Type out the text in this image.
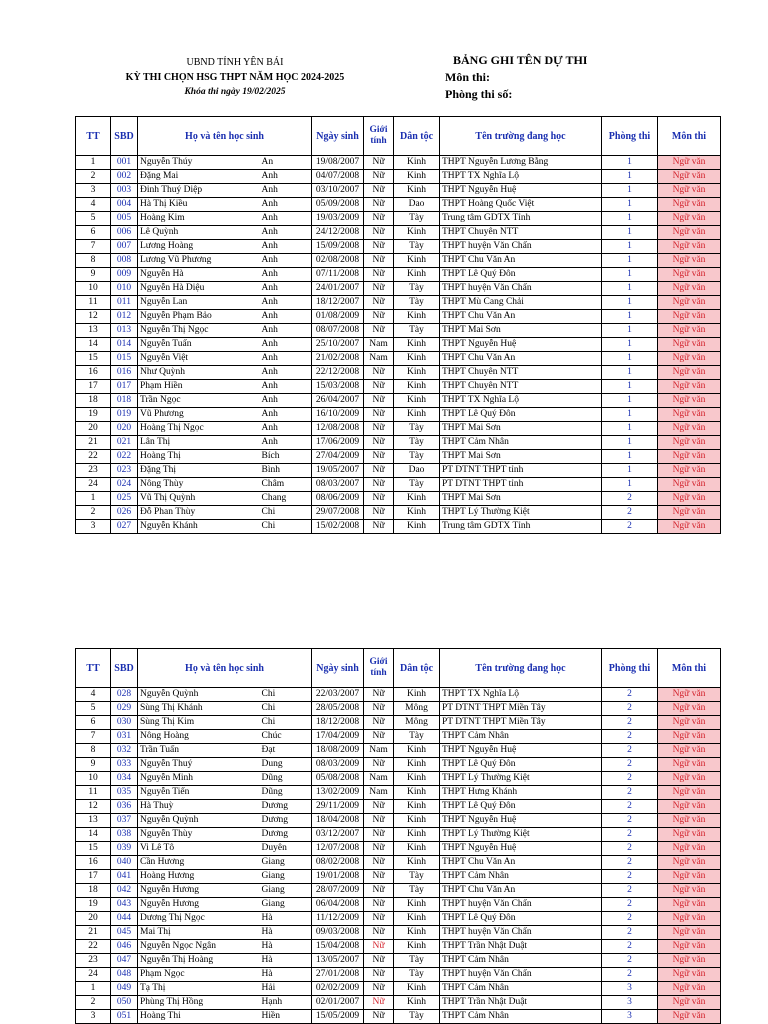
UBND TỈNH YÊN BÁI
KỲ THI CHỌN HSG THPT NĂM HỌC 2024-2025
Khóa thi ngày 19/02/2025
BẢNG GHI TÊN DỰ THI
Môn thi:
Phòng thi số:
TT	SBD	Họ và tên học sinh		Ngày sinh	Giới tính	Dân tộc	Tên trường đang học	Phòng thi	Môn thi
1	001	Nguyễn Thúy	An	19/08/2007	Nữ	Kinh	THPT Nguyễn Lương Bằng	1	Ngữ văn
2	002	Đặng Mai	Anh	04/07/2008	Nữ	Kinh	THPT TX Nghĩa Lộ	1	Ngữ văn
3	003	Đinh Thuý Diệp	Anh	03/10/2007	Nữ	Kinh	THPT Nguyễn Huệ	1	Ngữ văn
4	004	Hà Thị Kiều	Anh	05/09/2008	Nữ	Dao	THPT Hoàng Quốc Việt	1	Ngữ văn
5	005	Hoàng Kim	Anh	19/03/2009	Nữ	Tày	Trung tâm GDTX Tỉnh	1	Ngữ văn
6	006	Lê Quỳnh	Anh	24/12/2008	Nữ	Kinh	THPT Chuyên NTT	1	Ngữ văn
7	007	Lương Hoàng	Anh	15/09/2008	Nữ	Tày	THPT huyện Văn Chấn	1	Ngữ văn
8	008	Lương Vũ Phương	Anh	02/08/2008	Nữ	Kinh	THPT Chu Văn An	1	Ngữ văn
9	009	Nguyễn Hà	Anh	07/11/2008	Nữ	Kinh	THPT Lê Quý Đôn	1	Ngữ văn
10	010	Nguyễn Hà Diệu	Anh	24/01/2007	Nữ	Tày	THPT huyện Văn Chấn	1	Ngữ văn
11	011	Nguyễn Lan	Anh	18/12/2007	Nữ	Tày	THPT Mù Cang Chải	1	Ngữ văn
12	012	Nguyễn Phạm Bảo	Anh	01/08/2009	Nữ	Kinh	THPT Chu Văn An	1	Ngữ văn
13	013	Nguyễn Thị Ngọc	Anh	08/07/2008	Nữ	Tày	THPT Mai Sơn	1	Ngữ văn
14	014	Nguyễn Tuấn	Anh	25/10/2007	Nam	Kinh	THPT Nguyễn Huệ	1	Ngữ văn
15	015	Nguyễn Việt	Anh	21/02/2008	Nam	Kinh	THPT Chu Văn An	1	Ngữ văn
16	016	Như Quỳnh	Anh	22/12/2008	Nữ	Kinh	THPT Chuyên NTT	1	Ngữ văn
17	017	Phạm Hiền	Anh	15/03/2008	Nữ	Kinh	THPT Chuyên NTT	1	Ngữ văn
18	018	Trần Ngọc	Anh	26/04/2007	Nữ	Kinh	THPT TX Nghĩa Lộ	1	Ngữ văn
19	019	Vũ Phương	Anh	16/10/2009	Nữ	Kinh	THPT Lê Quý Đôn	1	Ngữ văn
20	020	Hoàng Thị Ngọc	Anh	12/08/2008	Nữ	Tày	THPT Mai Sơn	1	Ngữ văn
21	021	Lân Thị	Anh	17/06/2009	Nữ	Tày	THPT Cảm Nhân	1	Ngữ văn
22	022	Hoàng Thị	Bích	27/04/2009	Nữ	Tày	THPT Mai Sơn	1	Ngữ văn
23	023	Đặng Thị	Bình	19/05/2007	Nữ	Dao	PT DTNT THPT tỉnh	1	Ngữ văn
24	024	Nông Thùy	Châm	08/03/2007	Nữ	Tày	PT DTNT THPT tỉnh	1	Ngữ văn
1	025	Vũ Thị Quỳnh	Chang	08/06/2009	Nữ	Kinh	THPT Mai Sơn	2	Ngữ văn
2	026	Đỗ Phan Thùy	Chi	29/07/2008	Nữ	Kinh	THPT Lý Thường Kiệt	2	Ngữ văn
3	027	Nguyễn Khánh	Chi	15/02/2008	Nữ	Kinh	Trung tâm GDTX Tỉnh	2	Ngữ văn
TT	SBD	Họ và tên học sinh		Ngày sinh	Giới tính	Dân tộc	Tên trường đang học	Phòng thi	Môn thi
4	028	Nguyễn Quỳnh	Chi	22/03/2007	Nữ	Kinh	THPT TX Nghĩa Lộ	2	Ngữ văn
5	029	Sùng Thị Khánh	Chi	28/05/2008	Nữ	Mông	PT DTNT THPT Miền Tây	2	Ngữ văn
6	030	Sùng Thị Kim	Chi	18/12/2008	Nữ	Mông	PT DTNT THPT Miền Tây	2	Ngữ văn
7	031	Nông Hoàng	Chúc	17/04/2009	Nữ	Tày	THPT Cảm Nhân	2	Ngữ văn
8	032	Trần Tuấn	Đạt	18/08/2009	Nam	Kinh	THPT Nguyễn Huệ	2	Ngữ văn
9	033	Nguyễn Thuý	Dung	08/03/2009	Nữ	Kinh	THPT Lê Quý Đôn	2	Ngữ văn
10	034	Nguyễn Minh	Dũng	05/08/2008	Nam	Kinh	THPT Lý Thường Kiệt	2	Ngữ văn
11	035	Nguyễn Tiến	Dũng	13/02/2009	Nam	Kinh	THPT Hưng Khánh	2	Ngữ văn
12	036	Hà Thuỳ	Dương	29/11/2009	Nữ	Kinh	THPT Lê Quý Đôn	2	Ngữ văn
13	037	Nguyễn Quỳnh	Dương	18/04/2008	Nữ	Kinh	THPT Nguyễn Huệ	2	Ngữ văn
14	038	Nguyễn Thùy	Dương	03/12/2007	Nữ	Kinh	THPT Lý Thường Kiệt	2	Ngữ văn
15	039	Vi Lê Tô	Duyên	12/07/2008	Nữ	Kinh	THPT Nguyễn Huệ	2	Ngữ văn
16	040	Cần Hương	Giang	08/02/2008	Nữ	Kinh	THPT Chu Văn An	2	Ngữ văn
17	041	Hoàng Hương	Giang	19/01/2008	Nữ	Tày	THPT Cảm Nhân	2	Ngữ văn
18	042	Nguyễn Hương	Giang	28/07/2009	Nữ	Tày	THPT Chu Văn An	2	Ngữ văn
19	043	Nguyễn Hương	Giang	06/04/2008	Nữ	Kinh	THPT huyện Văn Chấn	2	Ngữ văn
20	044	Dương Thị Ngọc	Hà	11/12/2009	Nữ	Kinh	THPT Lê Quý Đôn	2	Ngữ văn
21	045	Mai Thị	Hà	09/03/2008	Nữ	Kinh	THPT huyện Văn Chấn	2	Ngữ văn
22	046	Nguyễn Ngọc Ngân	Hà	15/04/2008	Nữ	Kinh	THPT Trần Nhật Duật	2	Ngữ văn
23	047	Nguyễn Thị Hoàng	Hà	13/05/2007	Nữ	Tày	THPT Cảm Nhân	2	Ngữ văn
24	048	Phạm Ngọc	Hà	27/01/2008	Nữ	Tày	THPT huyện Văn Chấn	2	Ngữ văn
1	049	Tạ Thị	Hải	02/02/2009	Nữ	Kinh	THPT Cảm Nhân	3	Ngữ văn
2	050	Phùng Thị Hồng	Hạnh	02/01/2007	Nữ	Kinh	THPT Trần Nhật Duật	3	Ngữ văn
3	051	Hoàng Thi	Hiền	15/05/2009	Nữ	Tày	THPT Cảm Nhân	3	Ngữ văn
